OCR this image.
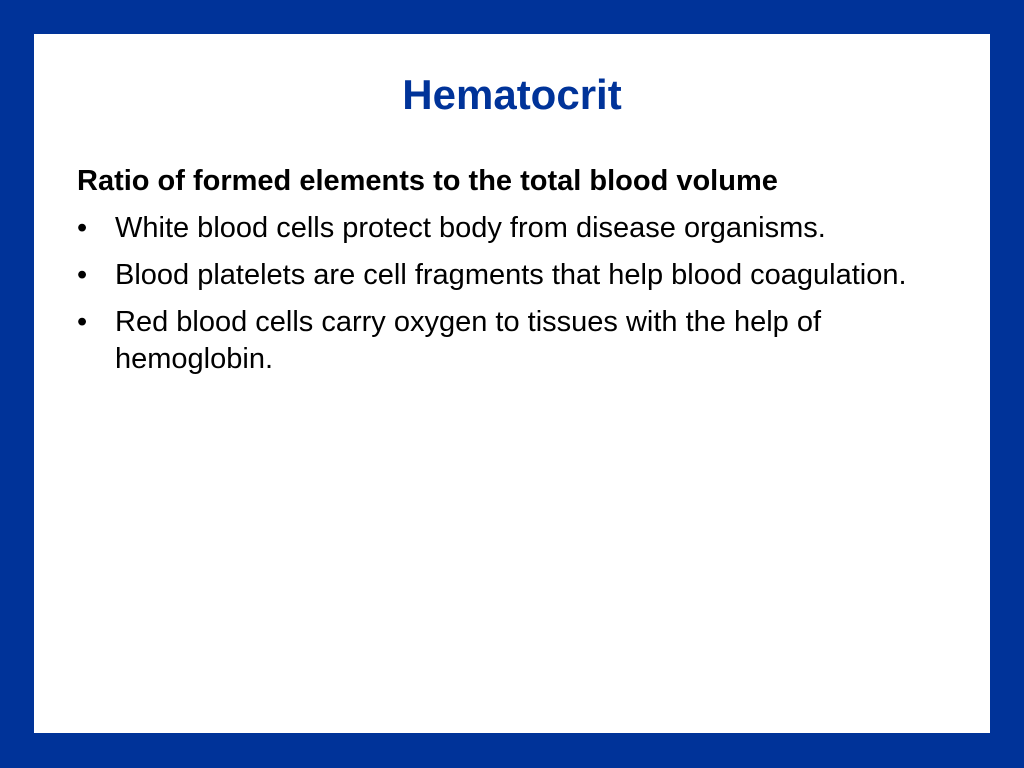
Hematocrit

Ratio of formed elements to the total blood volume

• White blood cells protect body from disease organisms.
• Blood platelets are cell fragments that help blood coagulation.
• Red blood cells carry oxygen to tissues with the help of hemoglobin.
